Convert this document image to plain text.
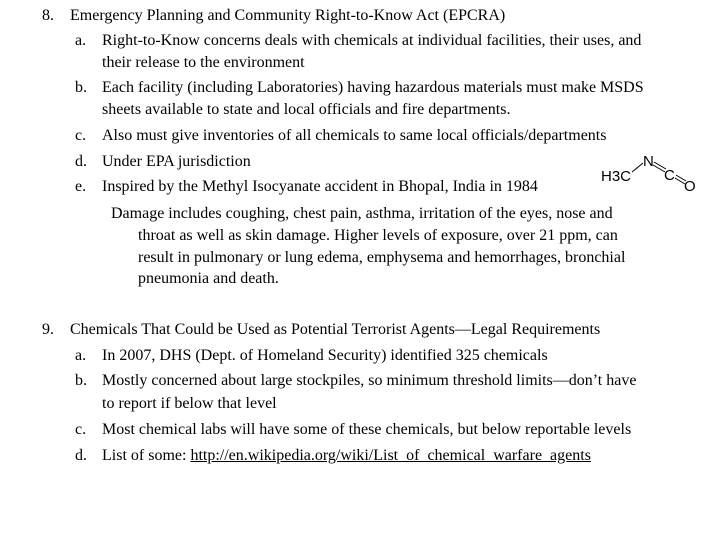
8. Emergency Planning and Community Right-to-Know Act (EPCRA)
a. Right-to-Know concerns deals with chemicals at individual facilities, their uses, and
their release to the environment
b. Each facility (including Laboratories) having hazardous materials must make MSDS
sheets available to state and local officials and fire departments.
c. Also must give inventories of all chemicals to same local officials/departments
d. Under EPA jurisdiction
e. Inspired by the Methyl Isocyanate accident in Bhopal, India in 1984
Damage includes coughing, chest pain, asthma, irritation of the eyes, nose and
throat as well as skin damage. Higher levels of exposure, over 21 ppm, can
result in pulmonary or lung edema, emphysema and hemorrhages, bronchial
pneumonia and death.
H3C
N
C
O
9. Chemicals That Could be Used as Potential Terrorist Agents—Legal Requirements
a. In 2007, DHS (Dept. of Homeland Security) identified 325 chemicals
b. Mostly concerned about large stockpiles, so minimum threshold limits—don’t have
to report if below that level
c. Most chemical labs will have some of these chemicals, but below reportable levels
d. List of some: http://en.wikipedia.org/wiki/List_of_chemical_warfare_agents
